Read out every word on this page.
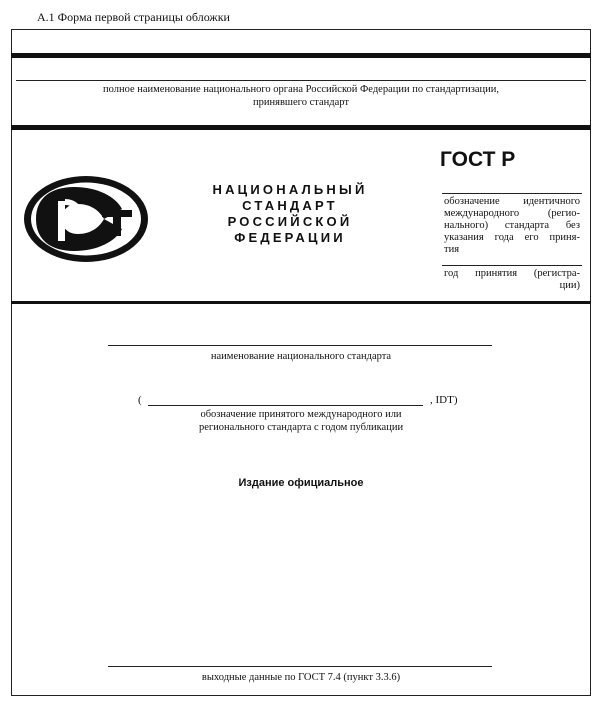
А.1 Форма первой страницы обложки
полное наименование национального органа Российской Федерации по стандартизации,
принявшего стандарт
НАЦИОНАЛЬНЫЙ
СТАНДАРТ
РОССИЙСКОЙ
ФЕДЕРАЦИИ
ГОСТ Р
обозначение идентичного
международного (регио-
нального) стандарта без
указания года его приня-
тия
год принятия (регистра-
ции)
наименование национального стандарта
(	, IDT)
обозначение принятого международного или
регионального стандарта с годом публикации
Издание официальное
выходные данные по ГОСТ 7.4 (пункт 3.3.6)
